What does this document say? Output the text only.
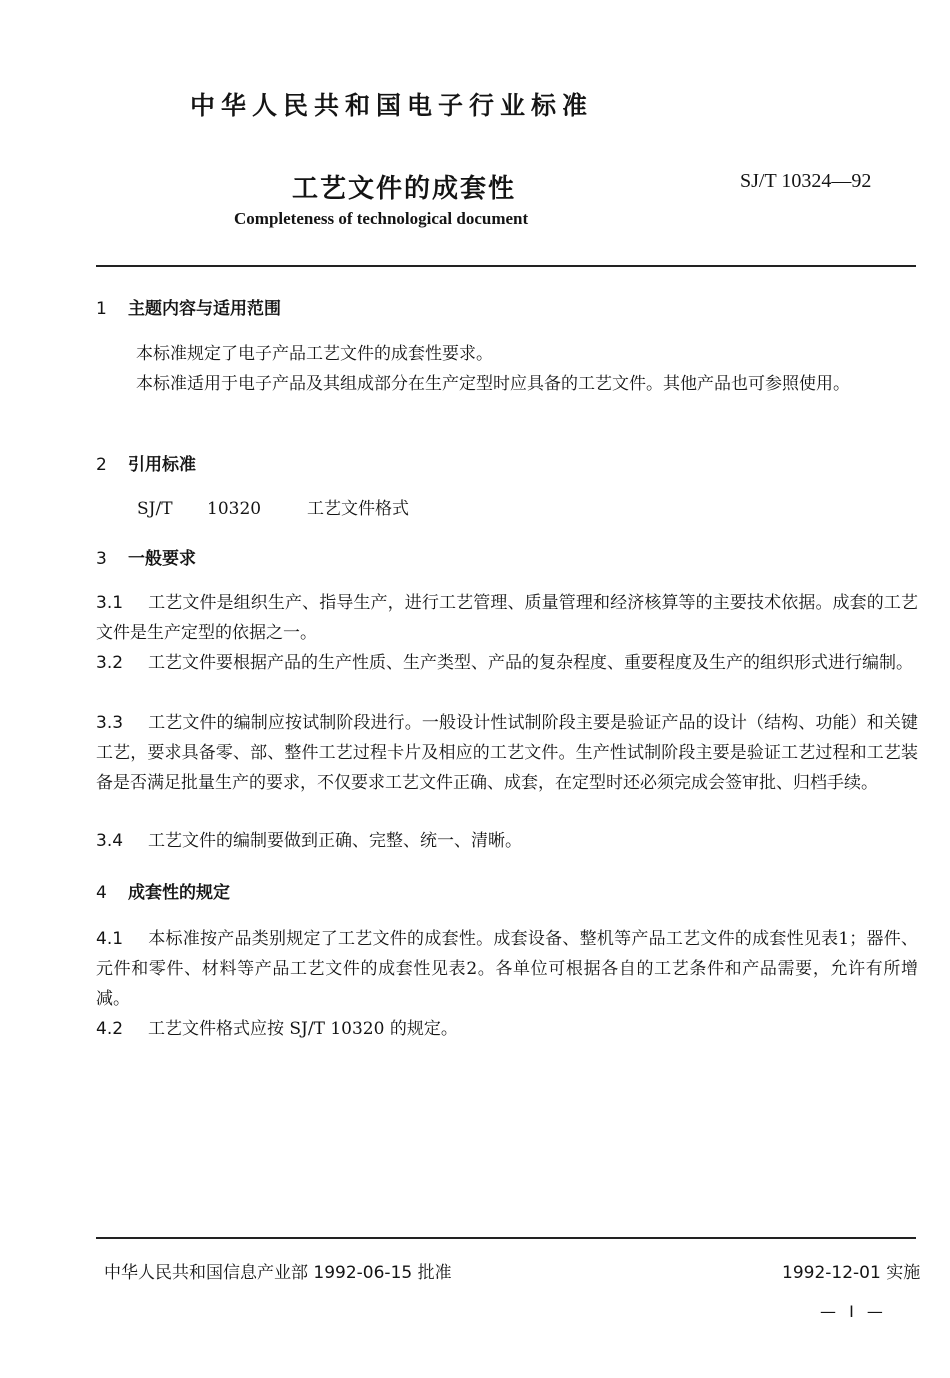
中华人民共和国电子行业标准
工艺文件的成套性	SJ/T 10324—92
Completeness of technological document
1 主题内容与适用范围
本标准规定了电子产品工艺文件的成套性要求。
本标准适用于电子产品及其组成部分在生产定型时应具备的工艺文件。其他产品也可参照使用。
2 引用标准
SJ/T 10320	工艺文件格式
3 一般要求
3.1 工艺文件是组织生产、指导生产，进行工艺管理、质量管理和经济核算等的主要技术依据。成套的工艺文件是生产定型的依据之一。
3.2 工艺文件要根据产品的生产性质、生产类型、产品的复杂程度、重要程度及生产的组织形式进行编制。
3.3 工艺文件的编制应按试制阶段进行。一般设计性试制阶段主要是验证产品的设计（结构、功能）和关键工艺，要求具备零、部、整件工艺过程卡片及相应的工艺文件。生产性试制阶段主要是验证工艺过程和工艺装备是否满足批量生产的要求，不仅要求工艺文件正确、成套，在定型时还必须完成会签审批、归档手续。
3.4 工艺文件的编制要做到正确、完整、统一、清晰。
4 成套性的规定
4.1 本标准按产品类别规定了工艺文件的成套性。成套设备、整机等产品工艺文件的成套性见表1；器件、元件和零件、材料等产品工艺文件的成套性见表2。各单位可根据各自的工艺条件和产品需要，允许有所增减。
4.2 工艺文件格式应按 SJ/T 10320 的规定。
中华人民共和国信息产业部 1992-06-15 批准	1992-12-01 实施
— I —
